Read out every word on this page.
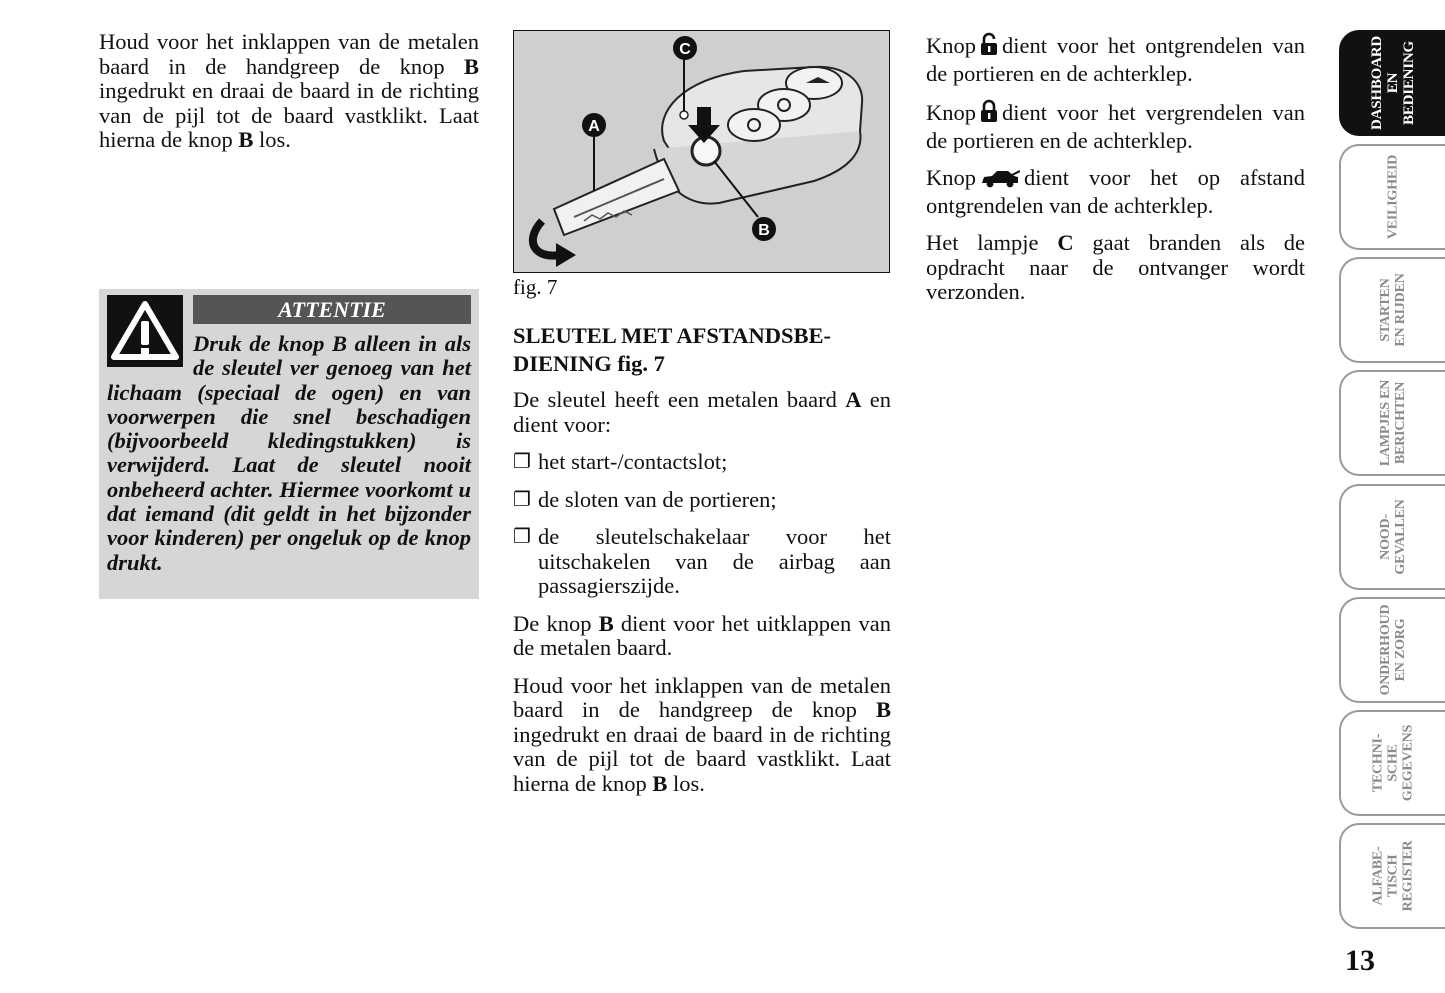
Houd voor het inklappen van de metalen baard in de handgreep de knop B ingedrukt en draai de baard in de richting van de pijl tot de baard vastklikt. Laat hierna de knop B los.

ATTENTIE
Druk de knop B alleen in als de sleutel ver genoeg van het lichaam (speciaal de ogen) en van voorwerpen die snel beschadigen (bijvoorbeeld kledingstukken) is verwijderd. Laat de sleutel nooit onbeheerd achter. Hiermee voorkomt u dat iemand (dit geldt in het bijzonder voor kinderen) per ongeluk op de knop drukt.
C
A
B
fig. 7
SLEUTEL MET AFSTANDSBE-
DIENING fig. 7

De sleutel heeft een metalen baard A en dient voor:

❐ het start-/contactslot;
❐ de sloten van de portieren;
❐ de sleutelschakelaar voor het uitschakelen van de airbag aan passagierszijde.

De knop B dient voor het uitklappen van de metalen baard.

Houd voor het inklappen van de metalen baard in de handgreep de knop B ingedrukt en draai de baard in de richting van de pijl tot de baard vastklikt. Laat hierna de knop B los.

Knop dient voor het ontgrendelen van de portieren en de achterklep.

Knop dient voor het vergrendelen van de portieren en de achterklep.

Knop dient voor het op afstand ontgrendelen van de achterklep.

Het lampje C gaat branden als de opdracht naar de ontvanger wordt verzonden.

DASHBOARD
EN
BEDIENING
VEILIGHEID
STARTEN
EN RIJDEN
LAMPJES EN
BERICHTEN
NOOD-
GEVALLEN
ONDERHOUD
EN ZORG
TECHNI-
SCHE
GEGEVENS
ALFABE-
TISCH
REGISTER
13
